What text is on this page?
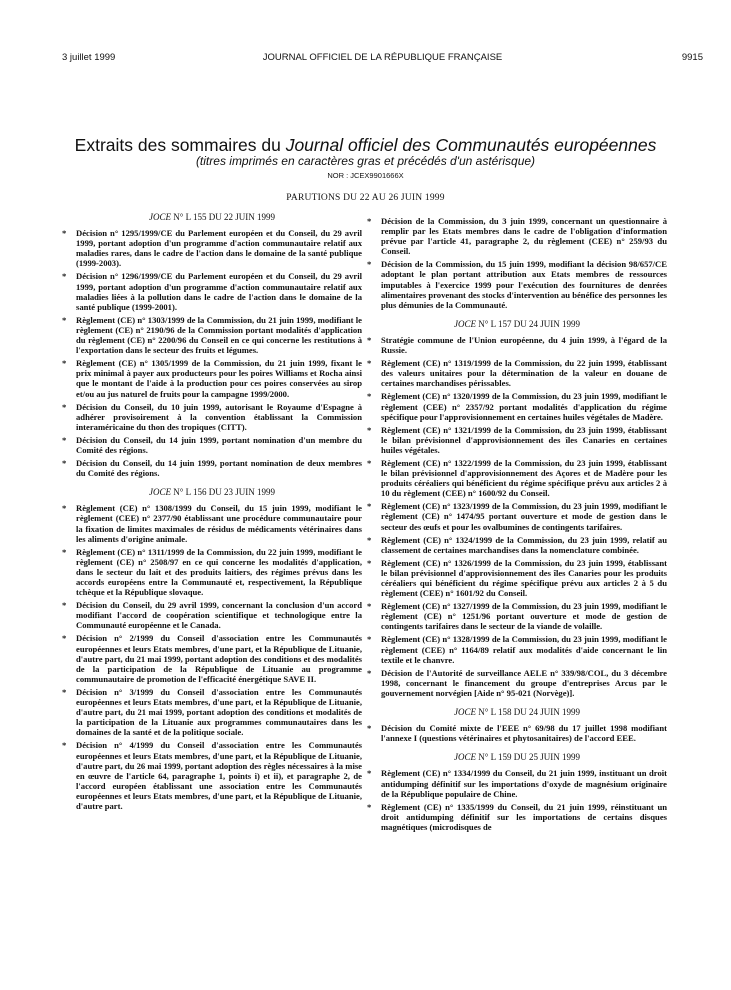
3 juillet 1999	JOURNAL OFFICIEL DE LA RÉPUBLIQUE FRANÇAISE	9915
Extraits des sommaires du Journal officiel des Communautés européennes
(titres imprimés en caractères gras et précédés d'un astérisque)
NOR : JCEX9901666X
PARUTIONS DU 22 AU 26 JUIN 1999
JOCE N° L 155 DU 22 JUIN 1999
* Décision n° 1295/1999/CE du Parlement européen et du Conseil, du 29 avril 1999, portant adoption d'un programme d'action communautaire relatif aux maladies rares, dans le cadre de l'action dans le domaine de la santé publique (1999-2003).
* Décision n° 1296/1999/CE du Parlement européen et du Conseil, du 29 avril 1999, portant adoption d'un programme d'action communautaire relatif aux maladies liées à la pollution dans le cadre de l'action dans le domaine de la santé publique (1999-2001).
* Règlement (CE) n° 1303/1999 de la Commission, du 21 juin 1999, modifiant le règlement (CE) n° 2190/96 de la Commission portant modalités d'application du règlement (CE) n° 2200/96 du Conseil en ce qui concerne les restitutions à l'exportation dans le secteur des fruits et légumes.
* Règlement (CE) n° 1305/1999 de la Commission, du 21 juin 1999, fixant le prix minimal à payer aux producteurs pour les poires Williams et Rocha ainsi que le montant de l'aide à la production pour ces poires conservées au sirop et/ou au jus naturel de fruits pour la campagne 1999/2000.
* Décision du Conseil, du 10 juin 1999, autorisant le Royaume d'Espagne à adhérer provisoirement à la convention établissant la Commission interaméricaine du thon des tropiques (CITT).
* Décision du Conseil, du 14 juin 1999, portant nomination d'un membre du Comité des régions.
* Décision du Conseil, du 14 juin 1999, portant nomination de deux membres du Comité des régions.
JOCE N° L 156 DU 23 JUIN 1999
* Règlement (CE) n° 1308/1999 du Conseil, du 15 juin 1999, modifiant le règlement (CEE) n° 2377/90 établissant une procédure communautaire pour la fixation de limites maximales de résidus de médicaments vétérinaires dans les aliments d'origine animale.
* Règlement (CE) n° 1311/1999 de la Commission, du 22 juin 1999, modifiant le règlement (CE) n° 2508/97 en ce qui concerne les modalités d'application, dans le secteur du lait et des produits laitiers, des régimes prévus dans les accords européens entre la Communauté et, respectivement, la République tchèque et la République slovaque.
* Décision du Conseil, du 29 avril 1999, concernant la conclusion d'un accord modifiant l'accord de coopération scientifique et technologique entre la Communauté européenne et le Canada.
* Décision n° 2/1999 du Conseil d'association entre les Communautés européennes et leurs Etats membres, d'une part, et la République de Lituanie, d'autre part, du 21 mai 1999, portant adoption des conditions et des modalités de la participation de la République de Lituanie au programme communautaire de promotion de l'efficacité énergétique SAVE II.
* Décision n° 3/1999 du Conseil d'association entre les Communautés européennes et leurs Etats membres, d'une part, et la République de Lituanie, d'autre part, du 21 mai 1999, portant adoption des conditions et modalités de la participation de la Lituanie aux programmes communautaires dans les domaines de la santé et de la politique sociale.
* Décision n° 4/1999 du Conseil d'association entre les Communautés européennes et leurs Etats membres, d'une part, et la République de Lituanie, d'autre part, du 26 mai 1999, portant adoption des règles nécessaires à la mise en œuvre de l'article 64, paragraphe 1, points i) et ii), et paragraphe 2, de l'accord européen établissant une association entre les Communautés européennes et leurs Etats membres, d'une part, et la République de Lituanie, d'autre part.
* Décision de la Commission, du 3 juin 1999, concernant un questionnaire à remplir par les Etats membres dans le cadre de l'obligation d'information prévue par l'article 41, paragraphe 2, du règlement (CEE) n° 259/93 du Conseil.
* Décision de la Commission, du 15 juin 1999, modifiant la décision 98/657/CE adoptant le plan portant attribution aux Etats membres de ressources imputables à l'exercice 1999 pour l'exécution des fournitures de denrées alimentaires provenant des stocks d'intervention au bénéfice des personnes les plus démunies de la Communauté.
JOCE N° L 157 DU 24 JUIN 1999
* Stratégie commune de l'Union européenne, du 4 juin 1999, à l'égard de la Russie.
* Règlement (CE) n° 1319/1999 de la Commission, du 22 juin 1999, établissant des valeurs unitaires pour la détermination de la valeur en douane de certaines marchandises périssables.
* Règlement (CE) n° 1320/1999 de la Commission, du 23 juin 1999, modifiant le règlement (CEE) n° 2357/92 portant modalités d'application du régime spécifique pour l'approvisionnement en certaines huiles végétales de Madère.
* Règlement (CE) n° 1321/1999 de la Commission, du 23 juin 1999, établissant le bilan prévisionnel d'approvisionnement des îles Canaries en certaines huiles végétales.
* Règlement (CE) n° 1322/1999 de la Commission, du 23 juin 1999, établissant le bilan prévisionnel d'approvisionnement des Açores et de Madère pour les produits céréaliers qui bénéficient du régime spécifique prévu aux articles 2 à 10 du règlement (CEE) n° 1600/92 du Conseil.
* Règlement (CE) n° 1323/1999 de la Commission, du 23 juin 1999, modifiant le règlement (CE) n° 1474/95 portant ouverture et mode de gestion dans le secteur des œufs et pour les ovalbumines de contingents tarifaires.
* Règlement (CE) n° 1324/1999 de la Commission, du 23 juin 1999, relatif au classement de certaines marchandises dans la nomenclature combinée.
* Règlement (CE) n° 1326/1999 de la Commission, du 23 juin 1999, établissant le bilan prévisionnel d'approvisionnement des îles Canaries pour les produits céréaliers qui bénéficient du régime spécifique prévu aux articles 2 à 5 du règlement (CEE) n° 1601/92 du Conseil.
* Règlement (CE) n° 1327/1999 de la Commission, du 23 juin 1999, modifiant le règlement (CE) n° 1251/96 portant ouverture et mode de gestion de contingents tarifaires dans le secteur de la viande de volaille.
* Règlement (CE) n° 1328/1999 de la Commission, du 23 juin 1999, modifiant le règlement (CEE) n° 1164/89 relatif aux modalités d'aide concernant le lin textile et le chanvre.
* Décision de l'Autorité de surveillance AELE n° 339/98/COL, du 3 décembre 1998, concernant le financement du groupe d'entreprises Arcus par le gouvernement norvégien [Aide n° 95-021 (Norvège)].
JOCE N° L 158 DU 24 JUIN 1999
* Décision du Comité mixte de l'EEE n° 69/98 du 17 juillet 1998 modifiant l'annexe I (questions vétérinaires et phytosanitaires) de l'accord EEE.
JOCE N° L 159 DU 25 JUIN 1999
* Règlement (CE) n° 1334/1999 du Conseil, du 21 juin 1999, instituant un droit antidumping définitif sur les importations d'oxyde de magnésium originaire de la République populaire de Chine.
* Règlement (CE) n° 1335/1999 du Conseil, du 21 juin 1999, réinstituant un droit antidumping définitif sur les importations de certains disques magnétiques (microdisques de
